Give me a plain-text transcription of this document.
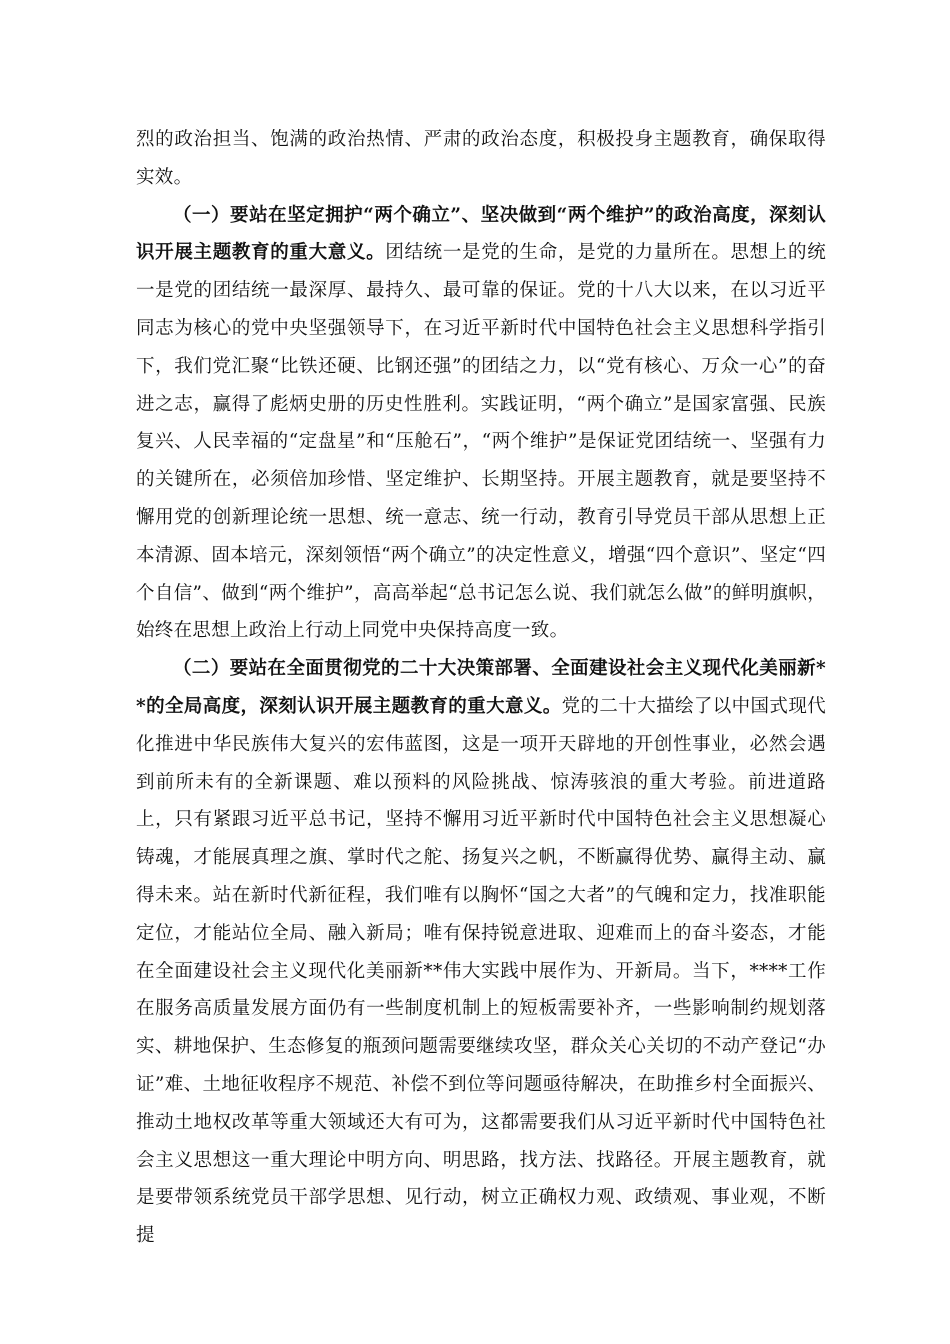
烈的政治担当、饱满的政治热情、严肃的政治态度，积极投身主题教育，确保取得实效。

（一）要站在坚定拥护“两个确立”、坚决做到“两个维护”的政治高度，深刻认识开展主题教育的重大意义。团结统一是党的生命，是党的力量所在。思想上的统一是党的团结统一最深厚、最持久、最可靠的保证。党的十八大以来，在以习近平同志为核心的党中央坚强领导下，在习近平新时代中国特色社会主义思想科学指引下，我们党汇聚“比铁还硬、比钢还强”的团结之力，以“党有核心、万众一心”的奋进之志，赢得了彪炳史册的历史性胜利。实践证明，“两个确立”是国家富强、民族复兴、人民幸福的“定盘星”和“压舱石”，“两个维护”是保证党团结统一、坚强有力的关键所在，必须倍加珍惜、坚定维护、长期坚持。开展主题教育，就是要坚持不懈用党的创新理论统一思想、统一意志、统一行动，教育引导党员干部从思想上正本清源、固本培元，深刻领悟“两个确立”的决定性意义，增强“四个意识”、坚定“四个自信”、做到“两个维护”，高高举起“总书记怎么说、我们就怎么做”的鲜明旗帜，始终在思想上政治上行动上同党中央保持高度一致。

（二）要站在全面贯彻党的二十大决策部署、全面建设社会主义现代化美丽新**的全局高度，深刻认识开展主题教育的重大意义。党的二十大描绘了以中国式现代化推进中华民族伟大复兴的宏伟蓝图，这是一项开天辟地的开创性事业，必然会遇到前所未有的全新课题、难以预料的风险挑战、惊涛骇浪的重大考验。前进道路上，只有紧跟习近平总书记，坚持不懈用习近平新时代中国特色社会主义思想凝心铸魂，才能展真理之旗、掌时代之舵、扬复兴之帆，不断赢得优势、赢得主动、赢得未来。站在新时代新征程，我们唯有以胸怀“国之大者”的气魄和定力，找准职能定位，才能站位全局、融入新局；唯有保持锐意进取、迎难而上的奋斗姿态，才能在全面建设社会主义现代化美丽新**伟大实践中展作为、开新局。当下，****工作在服务高质量发展方面仍有一些制度机制上的短板需要补齐，一些影响制约规划落实、耕地保护、生态修复的瓶颈问题需要继续攻坚，群众关心关切的不动产登记“办证”难、土地征收程序不规范、补偿不到位等问题亟待解决，在助推乡村全面振兴、推动土地权改革等重大领域还大有可为，这都需要我们从习近平新时代中国特色社会主义思想这一重大理论中明方向、明思路，找方法、找路径。开展主题教育，就是要带领系统党员干部学思想、见行动，树立正确权力观、政绩观、事业观，不断提
